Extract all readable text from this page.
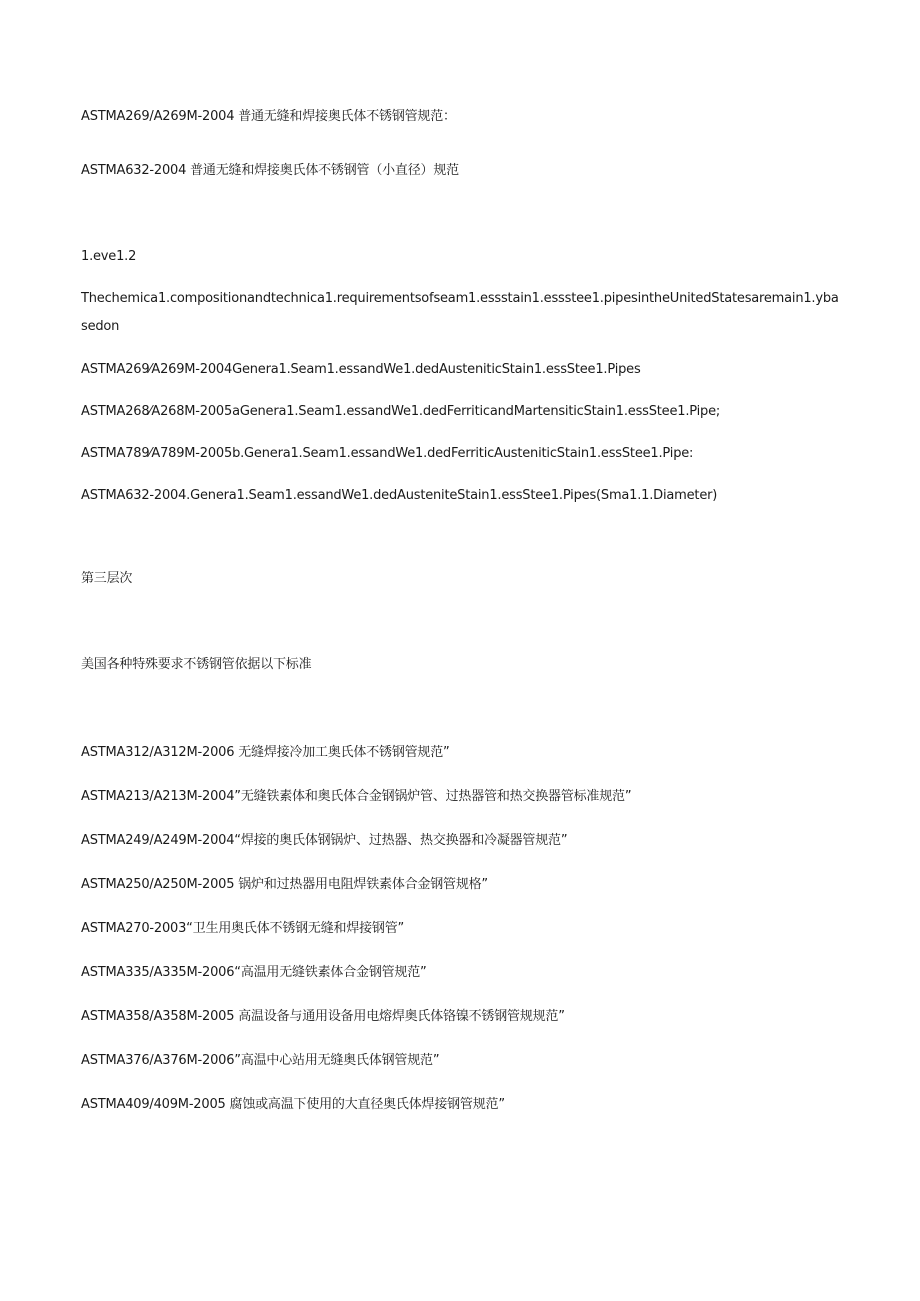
ASTMA269/A269M-2004 普通无缝和焊接奥氏体不锈钢管规范：
ASTMA632-2004 普通无缝和焊接奥氏体不锈钢管（小直径）规范
1.eve1.2
Thechemica1.compositionandtechnica1.requirementsofseam1.essstain1.essstee1.pipesintheUnitedStatesaremain1.ybasedon
ASTMA269⁄A269M-2004Genera1.Seam1.essandWe1.dedAusteniticStain1.essStee1.Pipes
ASTMA268⁄A268M-2005aGenera1.Seam1.essandWe1.dedFerriticandMartensiticStain1.essStee1.Pipe;
ASTMA789⁄A789M-2005b.Genera1.Seam1.essandWe1.dedFerriticAusteniticStain1.essStee1.Pipe:
ASTMA632-2004.Genera1.Seam1.essandWe1.dedAusteniteStain1.essStee1.Pipes(Sma1.1.Diameter)
第三层次
美国各种特殊要求不锈钢管依据以下标准
ASTMA312/A312M-2006 无缝焊接冷加工奥氏体不锈钢管规范”
ASTMA213/A213M-2004”无缝铁素体和奥氏体合金钢锅炉管、过热器管和热交换器管标准规范”
ASTMA249/A249M-2004“焊接的奥氏体钢锅炉、过热器、热交换器和冷凝器管规范”
ASTMA250/A250M-2005 锅炉和过热器用电阻焊铁素体合金钢管规格”
ASTMA270-2003“卫生用奥氏体不锈钢无缝和焊接钢管”
ASTMA335/A335M-2006“高温用无缝铁素体合金钢管规范”
ASTMA358/A358M-2005 高温设备与通用设备用电熔焊奥氏体铬镍不锈钢管规规范”
ASTMA376/A376M-2006”高温中心站用无缝奥氏体钢管规范”
ASTMA409/409M-2005 腐蚀或高温下使用的大直径奥氏体焊接钢管规范”
